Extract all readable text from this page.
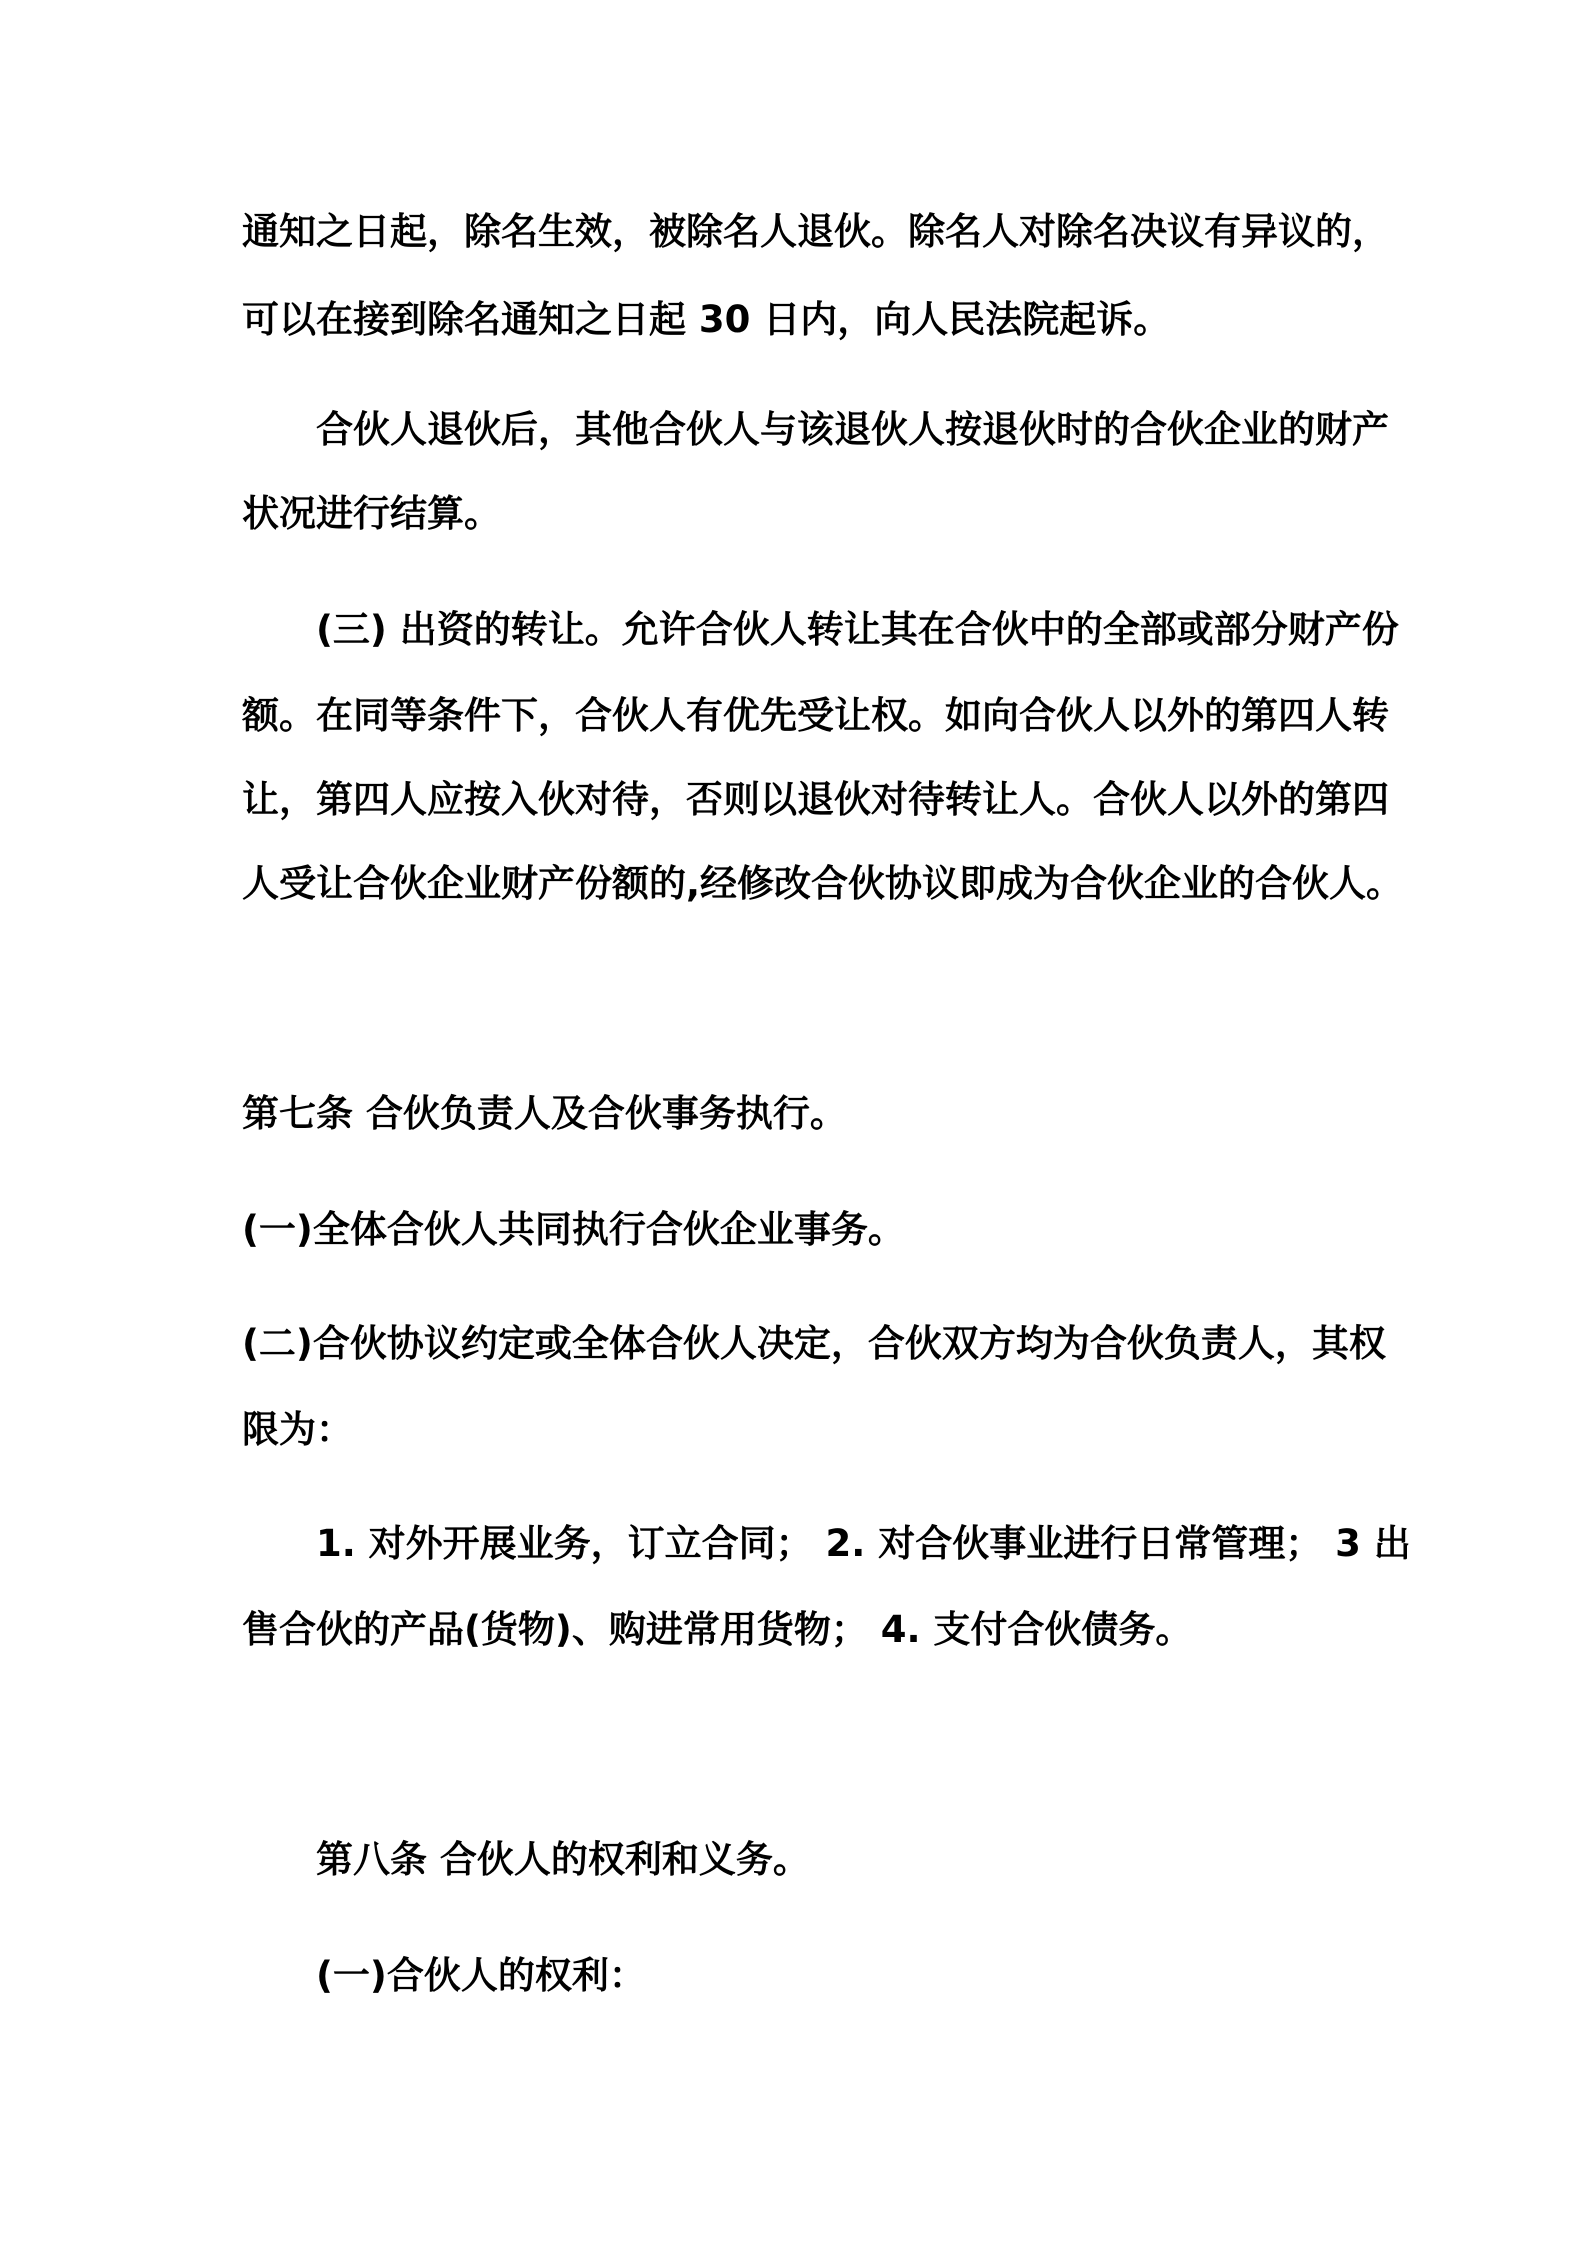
通知之日起，除名生效，被除名人退伙。除名人对除名决议有异议的，
可以在接到除名通知之日起 30 日内，向人民法院起诉。
合伙人退伙后，其他合伙人与该退伙人按退伙时的合伙企业的财产
状况进行结算。
(三) 出资的转让。允许合伙人转让其在合伙中的全部或部分财产份
额。在同等条件下，合伙人有优先受让权。如向合伙人以外的第四人转
让，第四人应按入伙对待，否则以退伙对待转让人。合伙人以外的第四
人受让合伙企业财产份额的,经修改合伙协议即成为合伙企业的合伙人。
第七条 合伙负责人及合伙事务执行。
(一)全体合伙人共同执行合伙企业事务。
(二)合伙协议约定或全体合伙人决定，合伙双方均为合伙负责人，其权
限为：
1. 对外开展业务，订立合同； 2. 对合伙事业进行日常管理； 3 出
售合伙的产品(货物)、购进常用货物； 4. 支付合伙债务。
第八条 合伙人的权利和义务。
(一)合伙人的权利：
